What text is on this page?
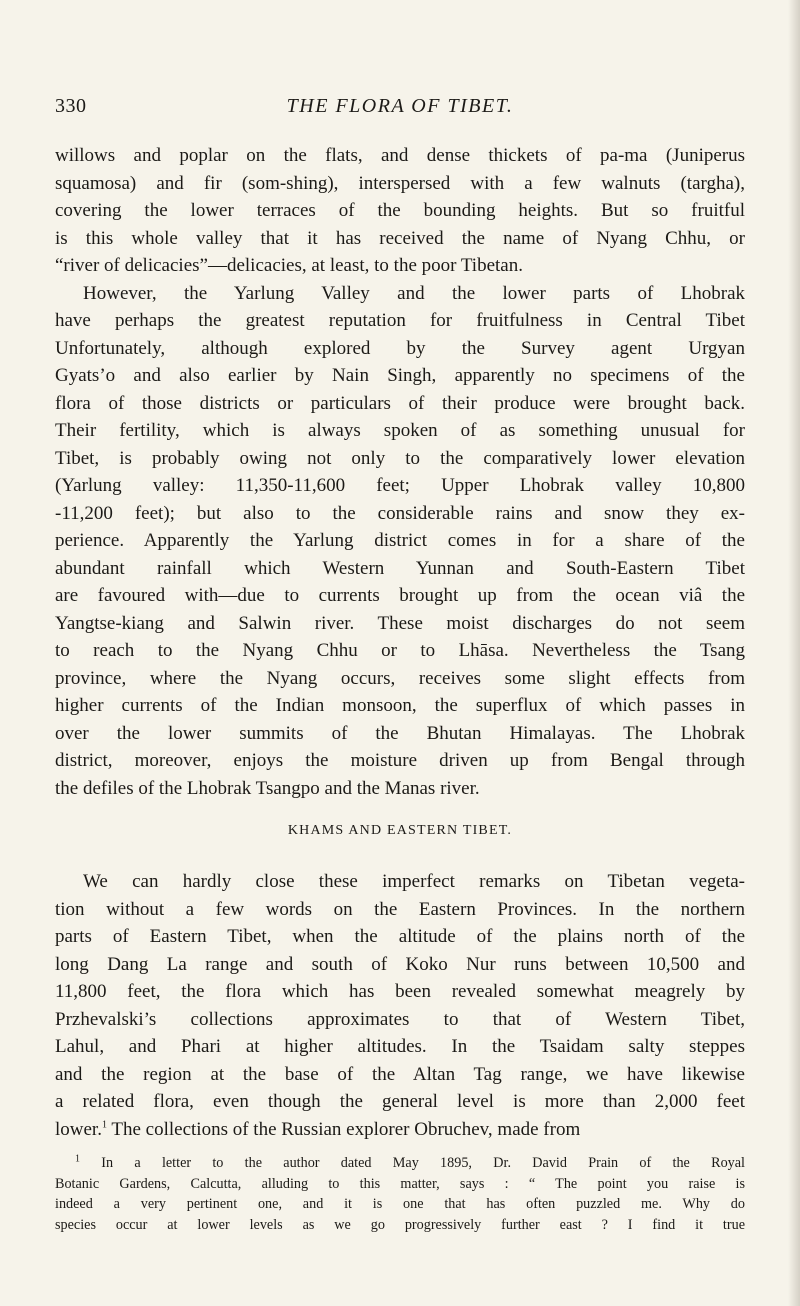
330	THE FLORA OF TIBET.
willows and poplar on the flats, and dense thickets of pa-ma (Juniperus
squamosa) and fir (som-shing), interspersed with a few walnuts (targha),
covering the lower terraces of the bounding heights. But so fruitful
is this whole valley that it has received the name of Nyang Chhu, or
“river of delicacies”—delicacies, at least, to the poor Tibetan.
However, the Yarlung Valley and the lower parts of Lhobrak
have perhaps the greatest reputation for fruitfulness in Central Tibet
Unfortunately, although explored by the Survey agent Urgyan
Gyats’o and also earlier by Nain Singh, apparently no specimens of the
flora of those districts or particulars of their produce were brought back.
Their fertility, which is always spoken of as something unusual for
Tibet, is probably owing not only to the comparatively lower elevation
(Yarlung valley: 11,350-11,600 feet; Upper Lhobrak valley 10,800
-11,200 feet); but also to the considerable rains and snow they ex-
perience. Apparently the Yarlung district comes in for a share of the
abundant rainfall which Western Yunnan and South-Eastern Tibet
are favoured with—due to currents brought up from the ocean viâ the
Yangtse-kiang and Salwin river. These moist discharges do not seem
to reach to the Nyang Chhu or to Lhāsa. Nevertheless the Tsang
province, where the Nyang occurs, receives some slight effects from
higher currents of the Indian monsoon, the superflux of which passes in
over the lower summits of the Bhutan Himalayas. The Lhobrak
district, moreover, enjoys the moisture driven up from Bengal through
the defiles of the Lhobrak Tsangpo and the Manas river.
KHAMS AND EASTERN TIBET.
We can hardly close these imperfect remarks on Tibetan vegeta-
tion without a few words on the Eastern Provinces. In the northern
parts of Eastern Tibet, when the altitude of the plains north of the
long Dang La range and south of Koko Nur runs between 10,500 and
11,800 feet, the flora which has been revealed somewhat meagrely by
Przhevalski’s collections approximates to that of Western Tibet,
Lahul, and Phari at higher altitudes. In the Tsaidam salty steppes
and the region at the base of the Altan Tag range, we have likewise
a related flora, even though the general level is more than 2,000 feet
lower.$^1$ The collections of the Russian explorer Obruchev, made from
$^1$ In a letter to the author dated May 1895, Dr. David Prain of the Royal
Botanic Gardens, Calcutta, alluding to this matter, says : “ The point you raise is
indeed a very pertinent one, and it is one that has often puzzled me. Why do
species occur at lower levels as we go progressively further east ? I find it true
